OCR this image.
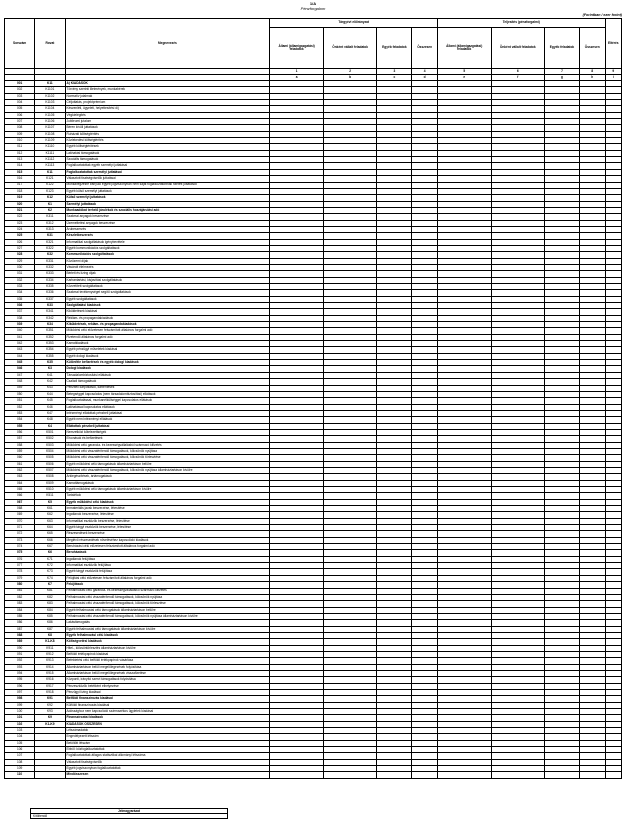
1/A
Pénzforgalom
(Forintban / ezer forint)
Sorszám	Rovat	Megnevezés	Tárgyévi előirányzat				Teljesítés (pénzforgalmi)				Eltérés
			Állami (államigazgatási) feladatok	Önként vállalt feladatok	Egyéb feladatok	Összesen	Állami (államigazgatási) feladatok	Önként vállalt feladatok	Egyéb feladatok	Összesen	
			1	2	3	4	5	6	7	8	9
			a	b	c	d	e	f	g	h	i
001	K11	A) KIADÁSOK									
002	K1101	Törvény szerinti illetmények, munkabérek									
003	K1102	Normatív jutalmak									
004	K1103	Céljuttatás, projektprémium									
005	K1104	Készenléti, ügyeleti, helyettesítési díj									
006	K1105	Végkielégítés									
007	K1106	Jubileumi jutalom									
008	K1107	Béren kívüli juttatások									
009	K1108	Ruházati költségtérítés									
010	K1109	Közlekedési költségtérítés									
011	K1110	Egyéb költségtérítések									
012	K1111	Lakhatási támogatások									
013	K1112	Szociális támogatások									
014	K1113	Foglalkoztatottak egyéb személyi juttatásai									
015	K11	Foglalkoztatottak személyi juttatásai									
016	K121	Választott tisztségviselők juttatásai									
017	K122	Munkavégzésre irányuló egyéb jogviszonyban nem saját foglalkoztatottnak fizetett juttatások									
018	K123	Egyéb külső személyi juttatások									
019	K12	Külső személyi juttatások									
020	K1	Személyi juttatások									
021	K2	Munkaadókat terhelő járulékok és szociális hozzájárulási adó									
022	K311	Szakmai anyagok beszerzése									
023	K312	Üzemeltetési anyagok beszerzése									
024	K313	Árubeszerzés									
025	K31	Készletbeszerzés									
026	K321	Informatikai szolgáltatások igénybevétele									
027	K322	Egyéb kommunikációs szolgáltatások									
028	K32	Kommunikációs szolgáltatások									
029	K331	Közüzemi díjak									
030	K332	Vásárolt élelmezés									
031	K333	Bérleti és lízing díjak									
032	K334	Karbantartási, kisjavítási szolgáltatások									
033	K335	Közvetített szolgáltatások									
034	K336	Szakmai tevékenységet segítő szolgáltatások									
035	K337	Egyéb szolgáltatások									
036	K33	Szolgáltatási kiadások									
037	K341	Kiküldetések kiadásai									
038	K342	Reklám- és propagandakiadások									
039	K34	Kiküldetések, reklám- és propagandakiadások									
040	K351	Működési célú előzetesen felszámított általános forgalmi adó									
041	K352	Fizetendő általános forgalmi adó									
042	K353	Kamatkiadások									
043	K354	Egyéb pénzügyi műveletek kiadásai									
044	K355	Egyéb dologi kiadások									
045	K35	Különféle befizetések és egyéb dologi kiadások									
046	K3	Dologi kiadások									
047	K41	Társadalombiztosítási ellátások									
048	K42	Családi támogatások									
049	K43	Pénzbeli kárpótlások, kártérítések									
050	K44	Betegséggel kapcsolatos (nem társadalombiztosítási) ellátások									
051	K45	Foglalkoztatással, munkanélküliséggel kapcsolatos ellátások									
052	K46	Lakhatással kapcsolatos ellátások									
053	K47	Intézményi ellátottak pénzbeli juttatásai									
054	K48	Egyéb nem intézményi ellátások									
055	K4	Ellátottak pénzbeli juttatásai									
056	K501	Nemzetközi kötelezettségek									
057	K502	Elvonások és befizetések									
058	K503	Működési célú garancia- és kezességvállalásból származó kifizetés									
059	K504	Működési célú visszatérítendő támogatások, kölcsönök nyújtása									
060	K505	Működési célú visszatérítendő támogatások, kölcsönök törlesztése									
061	K506	Egyéb működési célú támogatások államháztartáson belülre									
062	K507	Működési célú visszatérítendő támogatások, kölcsönök nyújtása államháztartáson kívülre									
063	K508	Árkiegészítések, ártámogatások									
064	K509	Kamattámogatások									
065	K510	Egyéb működési célú támogatások államháztartáson kívülre									
066	K511	Tartalékok									
067	K5	Egyéb működési célú kiadások									
068	K61	Immateriális javak beszerzése, létesítése									
069	K62	Ingatlanok beszerzése, létesítése									
070	K63	Informatikai eszközök beszerzése, létesítése									
071	K64	Egyéb tárgyi eszközök beszerzése, létesítése									
072	K65	Részesedések beszerzése									
073	K66	Meglévő részesedések növeléséhez kapcsolódó kiadások									
074	K67	Beruházási célú előzetesen felszámított általános forgalmi adó									
075	K6	Beruházások									
076	K71	Ingatlanok felújítása									
077	K72	Informatikai eszközök felújítása									
078	K73	Egyéb tárgyi eszközök felújítása									
079	K74	Felújítási célú előzetesen felszámított általános forgalmi adó									
080	K7	Felújítások									
081	K81	Felhalmozási célú garancia- és kezességvállalásból származó kifizetés									
082	K82	Felhalmozási célú visszatérítendő támogatások, kölcsönök nyújtása									
083	K83	Felhalmozási célú visszatérítendő támogatások, kölcsönök törlesztése									
084	K84	Egyéb felhalmozási célú támogatások államháztartáson belülre									
085	K85	Felhalmozási célú visszatérítendő támogatások, kölcsönök nyújtása államháztartáson kívülre									
086	K86	Lakástámogatás									
087	K87	Egyéb felhalmozási célú támogatások államháztartáson kívülre									
088	K8	Egyéb felhalmozási célú kiadások									
089	K1-K8	Költségvetési kiadások									
090	K911	Hitel-, kölcsöntörlesztés államháztartáson kívülre									
091	K912	Belföldi értékpapírok kiadásai									
092	K913	Befektetési célú belföldi értékpapírok vásárlása									
093	K914	Államháztartáson belüli megelőlegezések folyósítása									
094	K915	Államháztartáson belüli megelőlegezések visszafizetése									
095	K916	Központi, irányító szervi támogatások folyósítása									
096	K917	Pénzeszközök betétként elhelyezése									
097	K918	Pénzügyi lízing kiadásai									
098	K91	Belföldi finanszírozás kiadásai									
099	K92	Külföldi finanszírozás kiadásai									
100	K93	Adóssághoz nem kapcsolódó származékos ügyletek kiadásai									
101	K9	Finanszírozási kiadások									
102	K1-K9	KIADÁSOK ÖSSZESEN									
103		Létszámadatok									
104		Engedélyezett létszám									
105		Betöltött létszám									
106		Ebből: közfoglalkoztatottak									
107		Foglalkoztatottak átlagos statisztikai állományi létszáma									
108		Választott tisztségviselők									
109		Egyéb jogviszonyban foglalkoztatottak									
110		Mindösszesen									
Jelmagyarázat
Kitöltendő
